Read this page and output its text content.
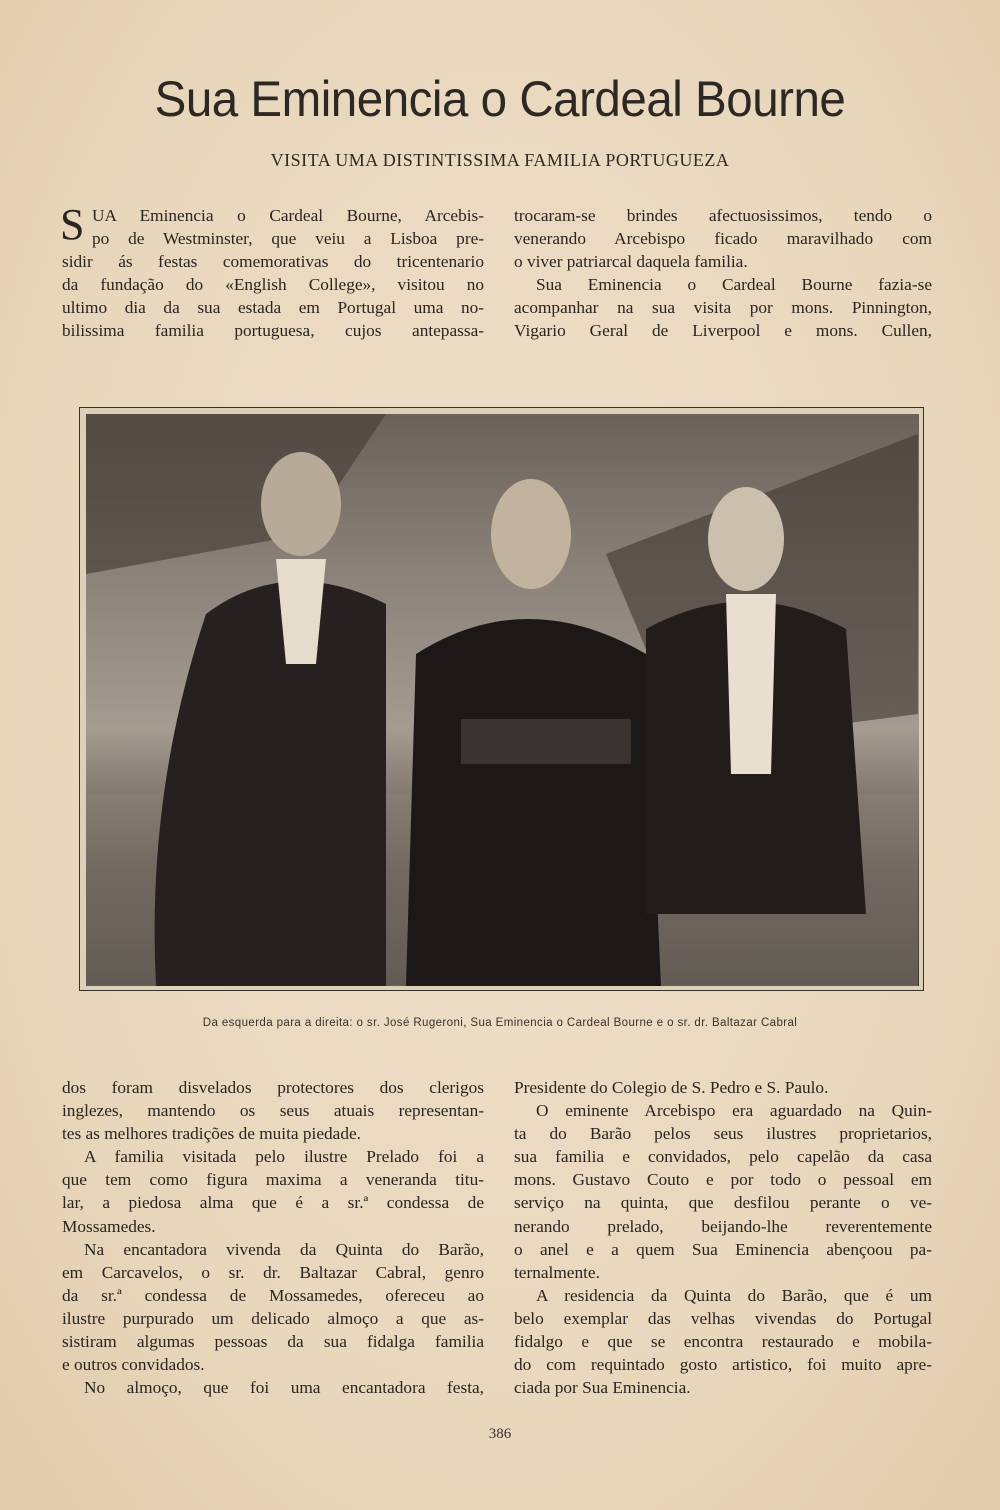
Sua Eminencia o Cardeal Bourne
VISITA UMA DISTINTISSIMA FAMILIA PORTUGUEZA
S UA Eminencia o Cardeal Bourne, Arcebis-
po de Westminster, que veiu a Lisboa pre-
sidir ás festas comemorativas do tricentenario
da fundação do «English College», visitou no
ultimo dia da sua estada em Portugal uma no-
bilissima familia portuguesa, cujos antepassa-
trocaram-se brindes afectuosissimos, tendo o
venerando Arcebispo ficado maravilhado com
o viver patriarcal daquela familia.
Sua Eminencia o Cardeal Bourne fazia-se
acompanhar na sua visita por mons. Pinnington,
Vigario Geral de Liverpool e mons. Cullen,
Da esquerda para a direita: o sr. José Rugeroni, Sua Eminencia o Cardeal Bourne e o sr. dr. Baltazar Cabral
dos foram disvelados protectores dos clerigos
inglezes, mantendo os seus atuais representan-
tes as melhores tradições de muita piedade.
A familia visitada pelo ilustre Prelado foi a
que tem como figura maxima a veneranda titu-
lar, a piedosa alma que é a sr.ª condessa de
Mossamedes.
Na encantadora vivenda da Quinta do Barão,
em Carcavelos, o sr. dr. Baltazar Cabral, genro
da sr.ª condessa de Mossamedes, ofereceu ao
ilustre purpurado um delicado almoço a que as-
sistiram algumas pessoas da sua fidalga familia
e outros convidados.
No almoço, que foi uma encantadora festa,
Presidente do Colegio de S. Pedro e S. Paulo.
O eminente Arcebispo era aguardado na Quin-
ta do Barão pelos seus ilustres proprietarios,
sua familia e convidados, pelo capelão da casa
mons. Gustavo Couto e por todo o pessoal em
serviço na quinta, que desfilou perante o ve-
nerando prelado, beijando-lhe reverentemente
o anel e a quem Sua Eminencia abençoou pa-
ternalmente.
A residencia da Quinta do Barão, que é um
belo exemplar das velhas vivendas do Portugal
fidalgo e que se encontra restaurado e mobila-
do com requintado gosto artistico, foi muito apre-
ciada por Sua Eminencia.
386
